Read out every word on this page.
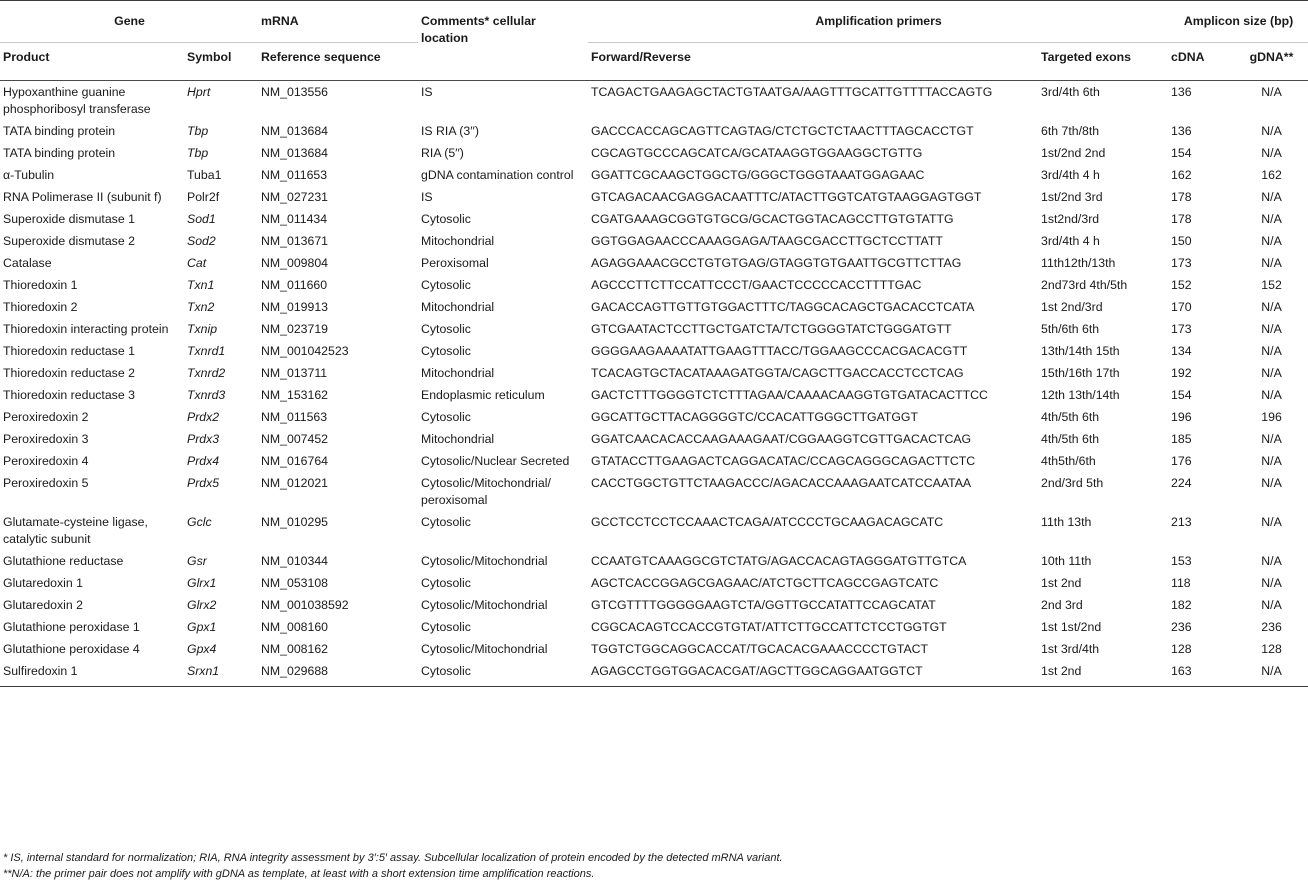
Gene		mRNA	Comments* cellular location	Amplification primers		Amplicon size (bp)	
Product	Symbol	Reference sequence		Forward/Reverse	Targeted exons	cDNA	gDNA**
Hypoxanthine guanine phosphoribosyl transferase	Hprt	NM_013556	IS	TCAGACTGAAGAGCTACTGTAATGA/AAGTTTGCATTGTTTTACCAGTG	3rd/4th 6th	136	N/A
TATA binding protein	Tbp	NM_013684	IS RIA (3′′)	GACCCACCAGCAGTTCAGTAG/CTCTGCTCTAACTTTAGCACCTGT	6th 7th/8th	136	N/A
TATA binding protein	Tbp	NM_013684	RIA (5′′)	CGCAGTGCCCAGCATCA/GCATAAGGTGGAAGGCTGTTG	1st/2nd 2nd	154	N/A
α-Tubulin	Tuba1	NM_011653	gDNA contamination control	GGATTCGCAAGCTGGCTG/GGGCTGGGTAAATGGAGAAC	3rd/4th 4 h	162	162
RNA Polimerase II (subunit f)	Polr2f	NM_027231	IS	GTCAGACAACGAGGACAATTTC/ATACTTGGTCATGTAAGGAGTGGT	1st/2nd 3rd	178	N/A
Superoxide dismutase 1	Sod1	NM_011434	Cytosolic	CGATGAAAGCGGTGTGCG/GCACTGGTACAGCCTTGTGTATTG	1st2nd/3rd	178	N/A
Superoxide dismutase 2	Sod2	NM_013671	Mitochondrial	GGTGGAGAACCCAAAGGAGA/TAAGCGACCTTGCTCCTTATT	3rd/4th 4 h	150	N/A
Catalase	Cat	NM_009804	Peroxisomal	AGAGGAAACGCCTGTGTGAG/GTAGGTGTGAATTGCGTTCTTAG	11th12th/13th	173	N/A
Thioredoxin 1	Txn1	NM_011660	Cytosolic	AGCCCTTCTTCCATTCCCT/GAACTCCCCCACCTTTTGAC	2nd73rd 4th/5th	152	152
Thioredoxin 2	Txn2	NM_019913	Mitochondrial	GACACCAGTTGTTGTGGACTTTC/TAGGCACAGCTGACACCTCATA	1st 2nd/3rd	170	N/A
Thioredoxin interacting protein	Txnip	NM_023719	Cytosolic	GTCGAATACTCCTTGCTGATCTA/TCTGGGGTATCTGGGATGTT	5th/6th 6th	173	N/A
Thioredoxin reductase 1	Txnrd1	NM_001042523	Cytosolic	GGGGAAGAAAATATTGAAGTTTACC/TGGAAGCCCACGACACGTT	13th/14th 15th	134	N/A
Thioredoxin reductase 2	Txnrd2	NM_013711	Mitochondrial	TCACAGTGCTACATAAAGATGGTA/CAGCTTGACCACCTCCTCAG	15th/16th 17th	192	N/A
Thioredoxin reductase 3	Txnrd3	NM_153162	Endoplasmic reticulum	GACTCTTTGGGGTCTCTTTAGAA/CAAAACAAGGTGTGATACACTTCC	12th 13th/14th	154	N/A
Peroxiredoxin 2	Prdx2	NM_011563	Cytosolic	GGCATTGCTTACAGGGGTC/CCACATTGGGCTTGATGGT	4th/5th 6th	196	196
Peroxiredoxin 3	Prdx3	NM_007452	Mitochondrial	GGATCAACACACCAAGAAAGAAT/CGGAAGGTCGTTGACACTCAG	4th/5th 6th	185	N/A
Peroxiredoxin 4	Prdx4	NM_016764	Cytosolic/Nuclear Secreted	GTATACCTTGAAGACTCAGGACATAC/CCAGCAGGGCAGACTTCTC	4th5th/6th	176	N/A
Peroxiredoxin 5	Prdx5	NM_012021	Cytosolic/Mitochondrial/ peroxisomal	CACCTGGCTGTTCTAAGACCC/AGACACCAAAGAATCATCCAATAA	2nd/3rd 5th	224	N/A
Glutamate-cysteine ligase, catalytic subunit	Gclc	NM_010295	Cytosolic	GCCTCCTCCTCCAAACTCAGA/ATCCCCTGCAAGACAGCATC	11th 13th	213	N/A
Glutathione reductase	Gsr	NM_010344	Cytosolic/Mitochondrial	CCAATGTCAAAGGCGTCTATG/AGACCACAGTAGGGATGTTGTCA	10th 11th	153	N/A
Glutaredoxin 1	Glrx1	NM_053108	Cytosolic	AGCTCACCGGAGCGAGAAC/ATCTGCTTCAGCCGAGTCATC	1st 2nd	118	N/A
Glutaredoxin 2	Glrx2	NM_001038592	Cytosolic/Mitochondrial	GTCGTTTTGGGGGAAGTCTA/GGTTGCCATATTCCAGCATAT	2nd 3rd	182	N/A
Glutathione peroxidase 1	Gpx1	NM_008160	Cytosolic	CGGCACAGTCCACCGTGTAT/ATTCTTGCCATTCTCCTGGTGT	1st 1st/2nd	236	236
Glutathione peroxidase 4	Gpx4	NM_008162	Cytosolic/Mitochondrial	TGGTCTGGCAGGCACCAT/TGCACACGAAACCCCTGTACT	1st 3rd/4th	128	128
Sulfiredoxin 1	Srxn1	NM_029688	Cytosolic	AGAGCCTGGTGGACACGAT/AGCTTGGCAGGAATGGTCT	1st 2nd	163	N/A
* IS, internal standard for normalization; RIA, RNA integrity assessment by 3′:5′ assay. Subcellular localization of protein encoded by the detected mRNA variant.
**N/A: the primer pair does not amplify with gDNA as template, at least with a short extension time amplification reactions.
